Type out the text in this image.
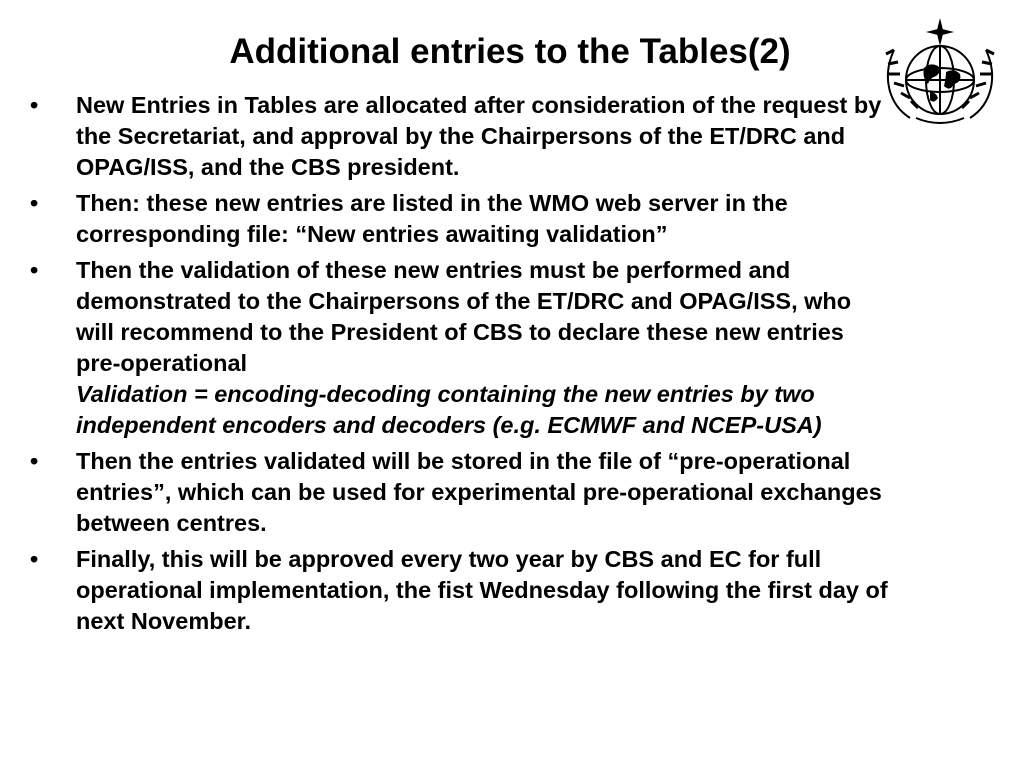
Additional entries to the Tables(2)
•	New Entries in Tables are allocated after consideration of the request by the Secretariat, and approval by the Chairpersons of the ET/DRC and OPAG/ISS, and the CBS president.
•	Then: these new entries are listed in the WMO web server in the corresponding file: “New entries awaiting validation”
•	Then the validation of these new entries must be performed and demonstrated to the Chairpersons of the ET/DRC and OPAG/ISS, who will recommend to the President of CBS to declare these new entries pre-operational
Validation = encoding-decoding containing the new entries by two independent encoders and decoders (e.g. ECMWF and NCEP-USA)
•	Then the entries validated will be stored in the file of “pre-operational entries”, which can be used for experimental pre-operational exchanges between centres.
•	Finally, this will be approved every two year by CBS and EC for full operational implementation, the fist Wednesday following the first day of next November.
